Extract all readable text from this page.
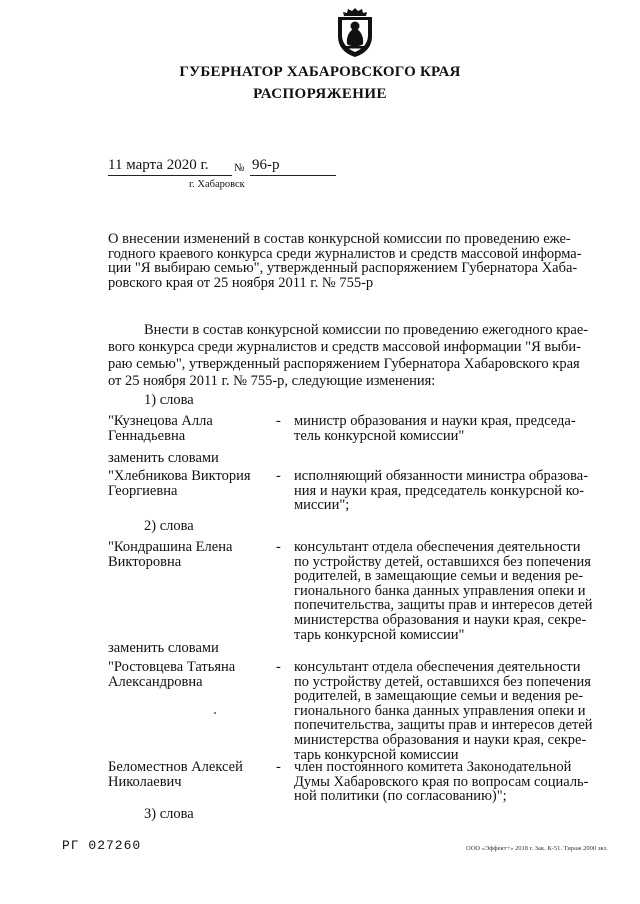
ГУБЕРНАТОР ХАБАРОВСКОГО КРАЯ
РАСПОРЯЖЕНИЕ
11 марта 2020 г. № 96-р
г. Хабаровск
О внесении изменений в состав конкурсной комиссии по проведению еже-
годного краевого конкурса среди журналистов и средств массовой информа-
ции "Я выбираю семью", утвержденный распоряжением Губернатора Хаба-
ровского края от 25 ноября 2011 г. № 755-р
Внести в состав конкурсной комиссии по проведению ежегодного крае-
вого конкурса среди журналистов и средств массовой информации "Я выби-
раю семью", утвержденный распоряжением Губернатора Хабаровского края
от 25 ноября 2011 г. № 755-р, следующие изменения:
1) слова
"Кузнецова Алла
Геннадьевна
- министр образования и науки края, председа-
тель конкурсной комиссии"
заменить словами
"Хлебникова Виктория
Георгиевна
- исполняющий обязанности министра образова-
ния и науки края, председатель конкурсной ко-
миссии";
2) слова
"Кондрашина Елена
Викторовна
- консультант отдела обеспечения деятельности
по устройству детей, оставшихся без попечения
родителей, в замещающие семьи и ведения ре-
гионального банка данных управления опеки и
попечительства, защиты прав и интересов детей
министерства образования и науки края, секре-
тарь конкурсной комиссии"
заменить словами
"Ростовцева Татьяна
Александровна
- консультант отдела обеспечения деятельности
по устройству детей, оставшихся без попечения
родителей, в замещающие семьи и ведения ре-
гионального банка данных управления опеки и
попечительства, защиты прав и интересов детей
министерства образования и науки края, секре-
тарь конкурсной комиссии
Беломестнов Алексей
Николаевич
- член постоянного комитета Законодательной
Думы Хабаровского края по вопросам социаль-
ной политики (по согласованию)";
3) слова
РГ 027260	ООО «Эффект+» 2018 г. Зак. К-51. Тираж 2000 экз.
